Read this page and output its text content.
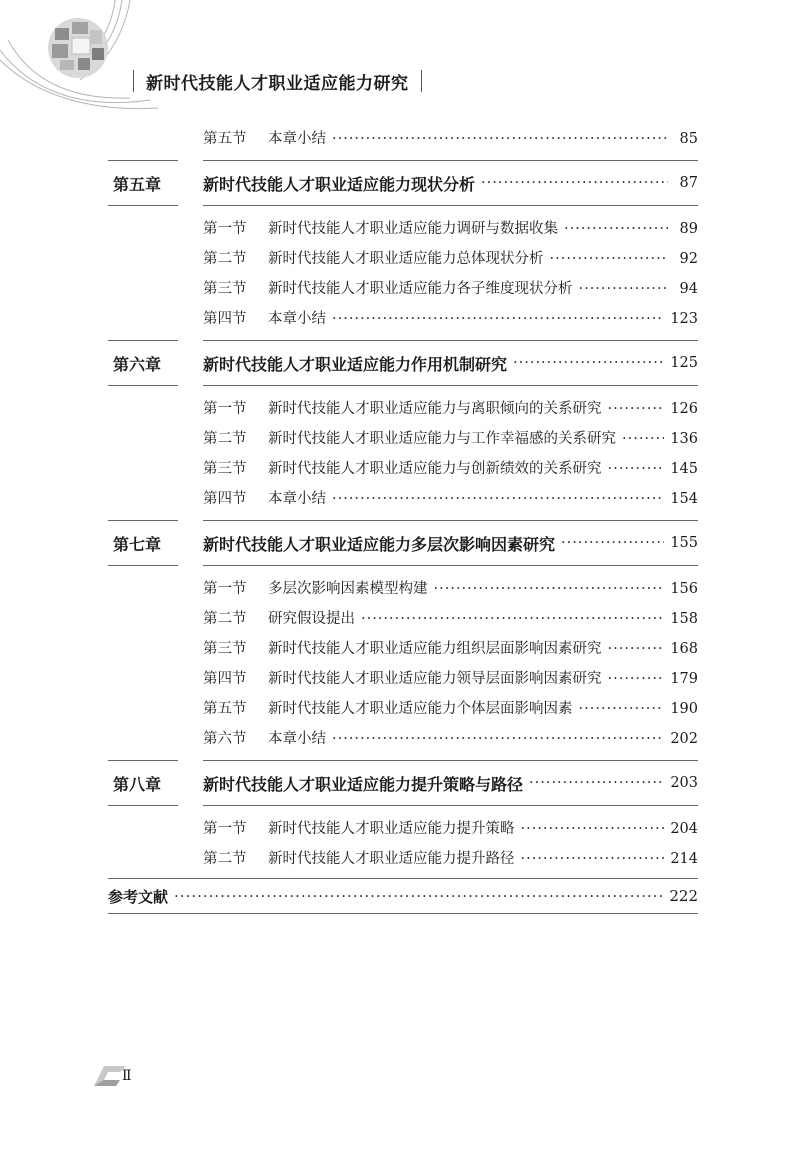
新时代技能人才职业适应能力研究
第五节	本章小结 ·····	85
第五章	新时代技能人才职业适应能力现状分析 ·····	87
第一节	新时代技能人才职业适应能力调研与数据收集 ·····	89
第二节	新时代技能人才职业适应能力总体现状分析 ·····	92
第三节	新时代技能人才职业适应能力各子维度现状分析 ·····	94
第四节	本章小结 ·····	123
第六章	新时代技能人才职业适应能力作用机制研究 ·····	125
第一节	新时代技能人才职业适应能力与离职倾向的关系研究 ·····	126
第二节	新时代技能人才职业适应能力与工作幸福感的关系研究 ·····	136
第三节	新时代技能人才职业适应能力与创新绩效的关系研究 ·····	145
第四节	本章小结 ·····	154
第七章	新时代技能人才职业适应能力多层次影响因素研究 ·····	155
第一节	多层次影响因素模型构建 ·····	156
第二节	研究假设提出 ·····	158
第三节	新时代技能人才职业适应能力组织层面影响因素研究 ·····	168
第四节	新时代技能人才职业适应能力领导层面影响因素研究 ·····	179
第五节	新时代技能人才职业适应能力个体层面影响因素 ·····	190
第六节	本章小结 ·····	202
第八章	新时代技能人才职业适应能力提升策略与路径 ·····	203
第一节	新时代技能人才职业适应能力提升策略 ·····	204
第二节	新时代技能人才职业适应能力提升路径 ·····	214
参考文献 ·····	222
Ⅱ
